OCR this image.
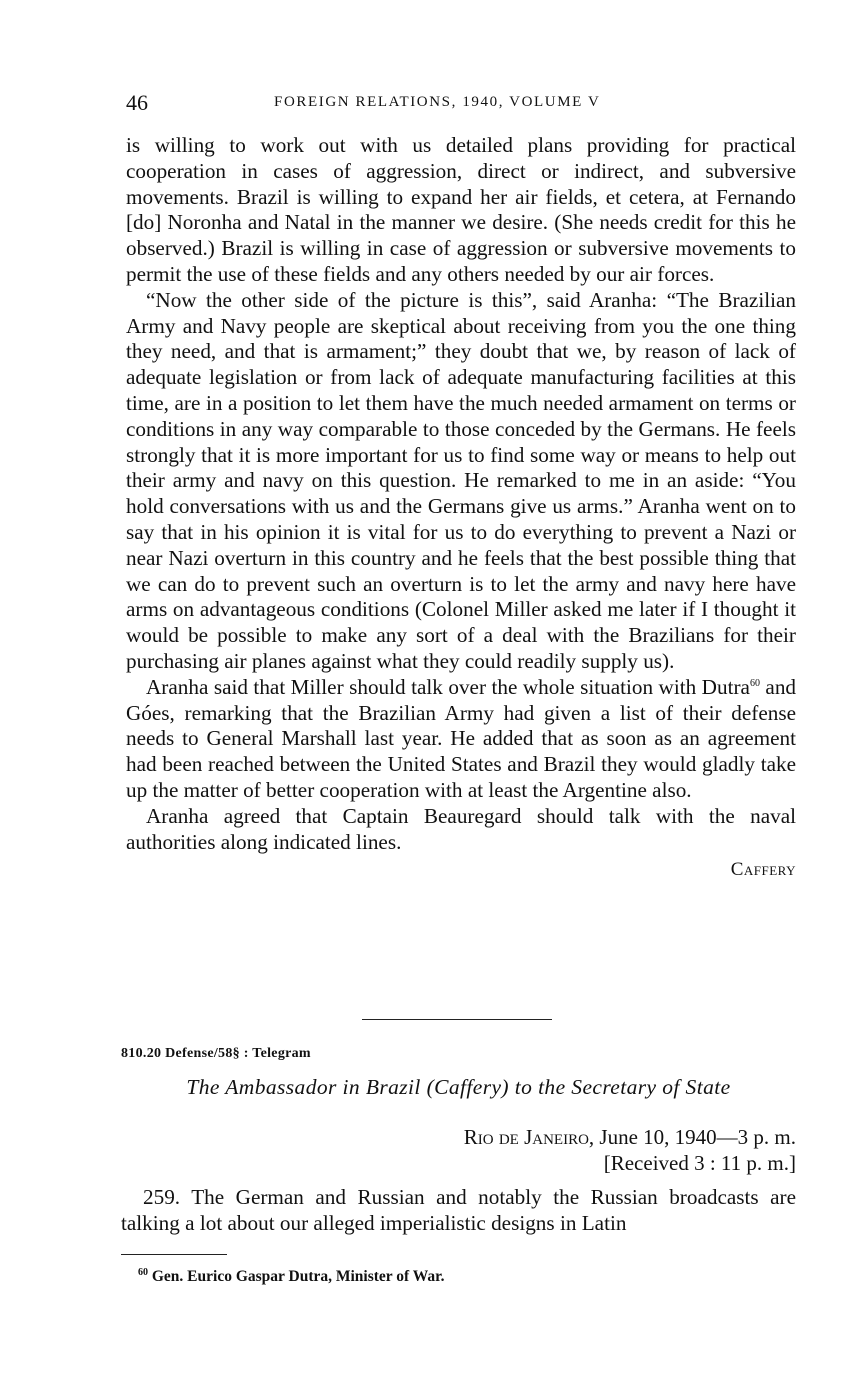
46	FOREIGN RELATIONS, 1940, VOLUME V

is willing to work out with us detailed plans providing for practical cooperation in cases of aggression, direct or indirect, and subversive movements. Brazil is willing to expand her air fields, et cetera, at Fernando [do] Noronha and Natal in the manner we desire. (She needs credit for this he observed.) Brazil is willing in case of aggression or subversive movements to permit the use of these fields and any others needed by our air forces.

“Now the other side of the picture is this”, said Aranha: “The Brazilian Army and Navy people are skeptical about receiving from you the one thing they need, and that is armament;” they doubt that we, by reason of lack of adequate legislation or from lack of adequate manufacturing facilities at this time, are in a position to let them have the much needed armament on terms or conditions in any way comparable to those conceded by the Germans. He feels strongly that it is more important for us to find some way or means to help out their army and navy on this question. He remarked to me in an aside: “You hold conversations with us and the Germans give us arms.” Aranha went on to say that in his opinion it is vital for us to do everything to prevent a Nazi or near Nazi overturn in this country and he feels that the best possible thing that we can do to prevent such an overturn is to let the army and navy here have arms on advantageous conditions (Colonel Miller asked me later if I thought it would be possible to make any sort of a deal with the Brazilians for their purchasing air planes against what they could readily supply us).

Aranha said that Miller should talk over the whole situation with Dutra$^{60}$ and Góes, remarking that the Brazilian Army had given a list of their defense needs to General Marshall last year. He added that as soon as an agreement had been reached between the United States and Brazil they would gladly take up the matter of better cooperation with at least the Argentine also.

Aranha agreed that Captain Beauregard should talk with the naval authorities along indicated lines.

Caffery
810.20 Defense/58§ : Telegram
The Ambassador in Brazil (Caffery) to the Secretary of State
Rio de Janeiro, June 10, 1940—3 p. m.
[Received 3 : 11 p. m.]

259. The German and Russian and notably the Russian broadcasts are talking a lot about our alleged imperialistic designs in Latin

$^{60}$ Gen. Eurico Gaspar Dutra, Minister of War.
